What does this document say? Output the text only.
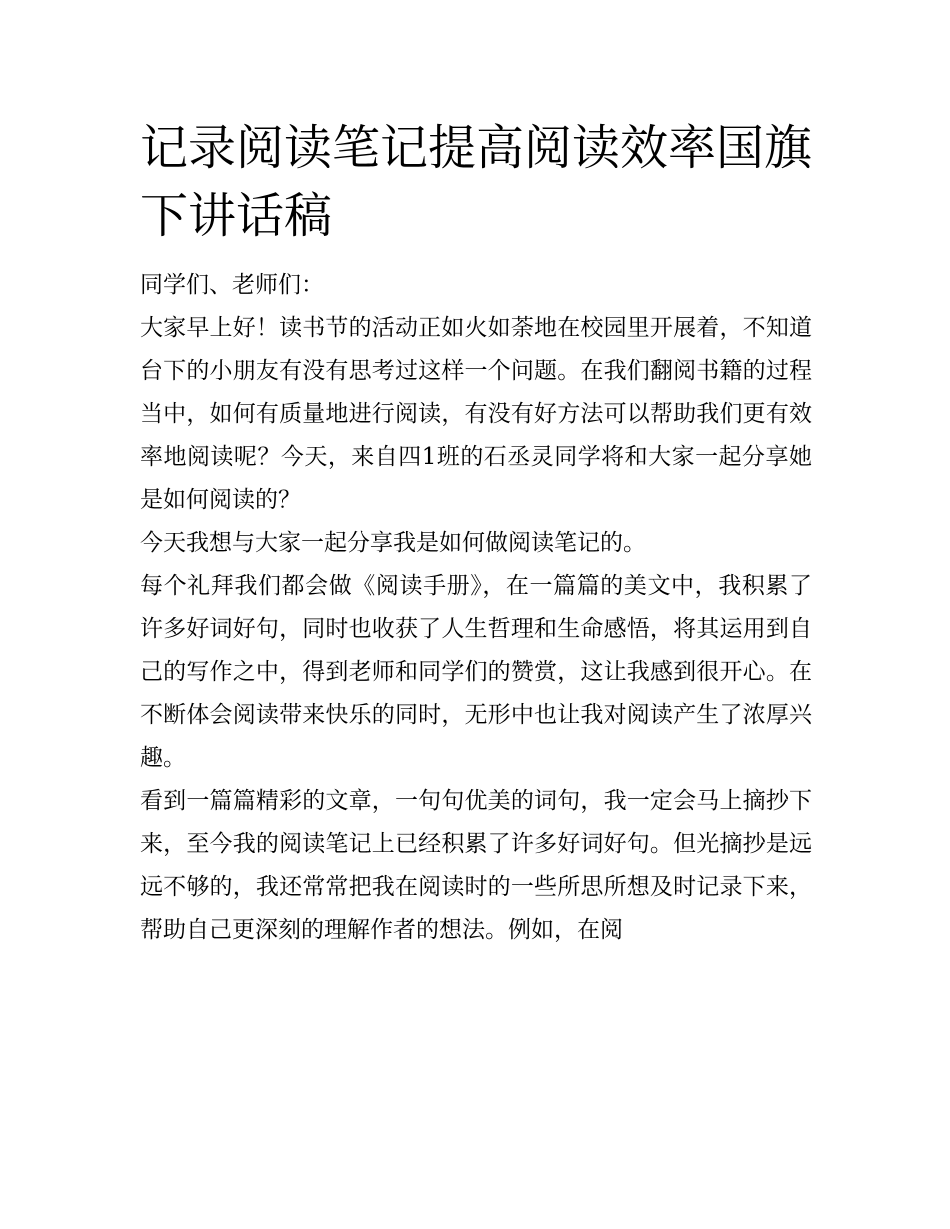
记录阅读笔记提高阅读效率国旗下讲话稿

同学们、老师们：

大家早上好！读书节的活动正如火如荼地在校园里开展着，不知道台下的小朋友有没有思考过这样一个问题。在我们翻阅书籍的过程当中，如何有质量地进行阅读，有没有好方法可以帮助我们更有效率地阅读呢？今天，来自四1班的石丞灵同学将和大家一起分享她是如何阅读的？

今天我想与大家一起分享我是如何做阅读笔记的。

每个礼拜我们都会做《阅读手册》，在一篇篇的美文中，我积累了许多好词好句，同时也收获了人生哲理和生命感悟，将其运用到自己的写作之中，得到老师和同学们的赞赏，这让我感到很开心。在不断体会阅读带来快乐的同时，无形中也让我对阅读产生了浓厚兴趣。

看到一篇篇精彩的文章，一句句优美的词句，我一定会马上摘抄下来，至今我的阅读笔记上已经积累了许多好词好句。但光摘抄是远远不够的，我还常常把我在阅读时的一些所思所想及时记录下来，帮助自己更深刻的理解作者的想法。例如，在阅
